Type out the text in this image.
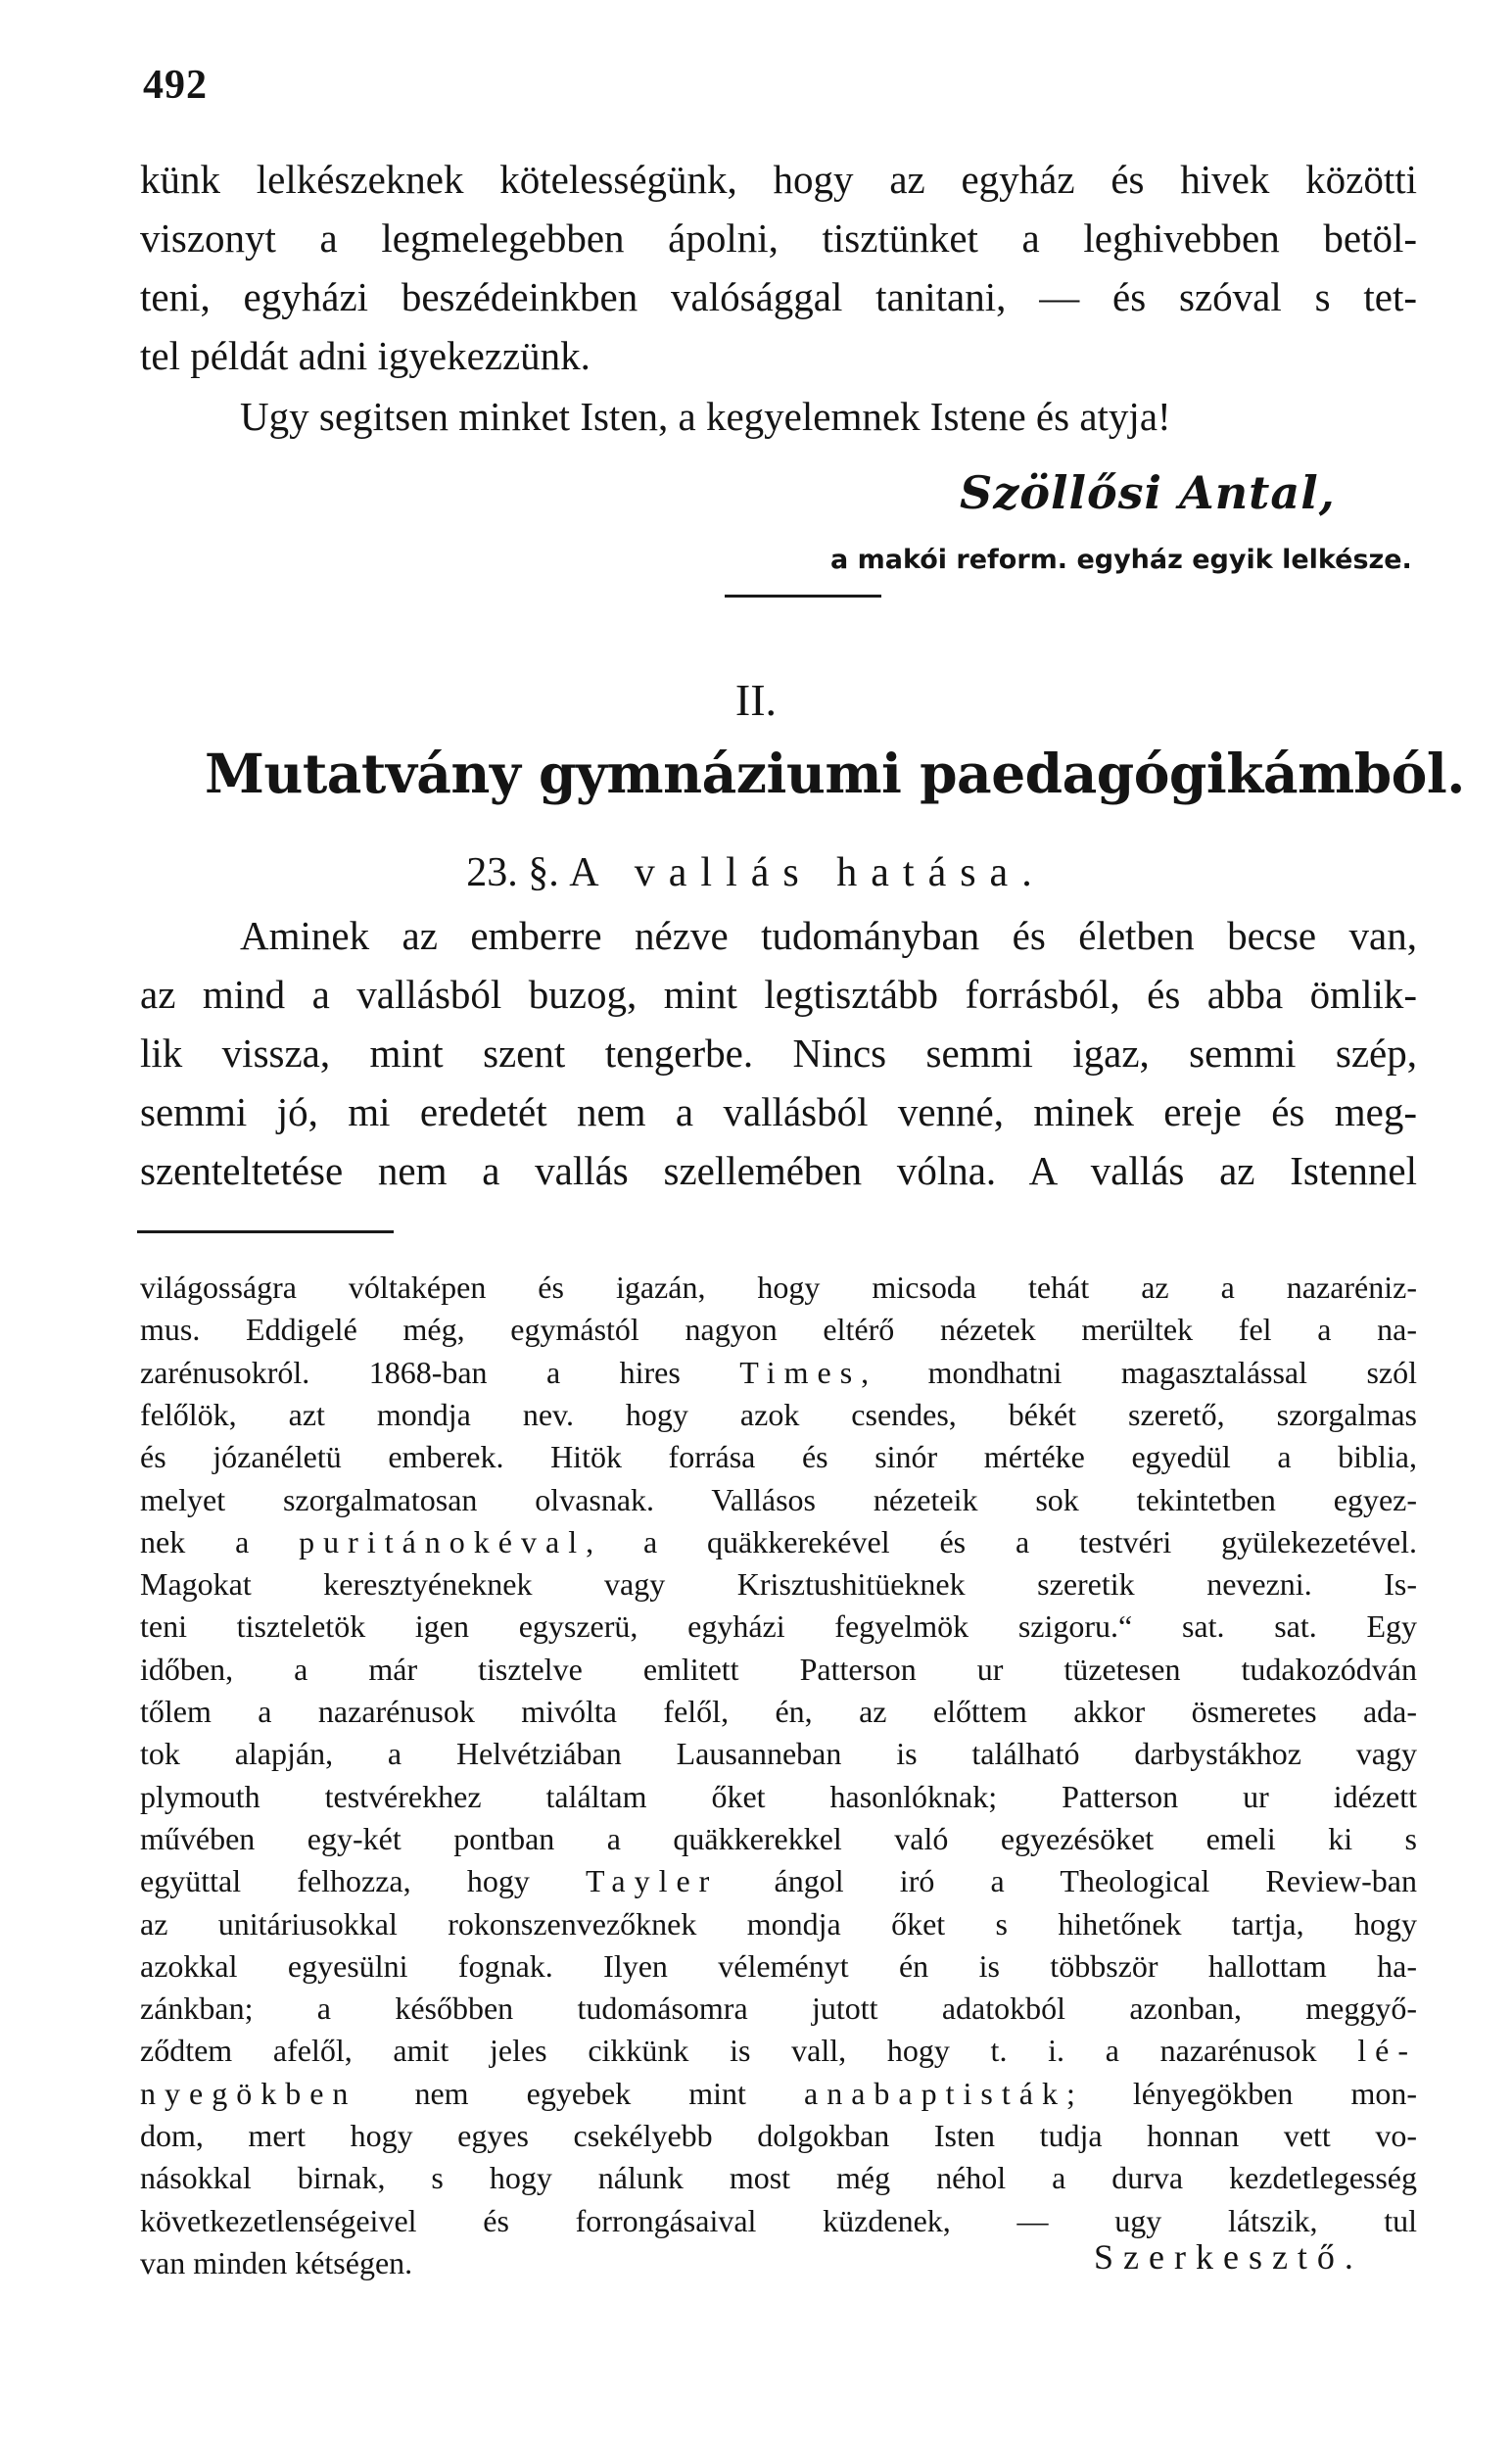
492
künk lelkészeknek kötelességünk, hogy az egyház és hivek közötti
viszonyt a legmelegebben ápolni, tisztünket a leghivebben betöl-
teni, egyházi beszédeinkben valósággal tanitani, — és szóval s tet-
tel példát adni igyekezzünk.
Ugy segitsen minket Isten, a kegyelemnek Istene és atyja!
Szöllősi Antal,
a makói reform. egyház egyik lelkésze.
II.
Mutatvány gymnáziumi paedagógikámból.
23. §. A vallás hatása.
Aminek az emberre nézve tudományban és életben becse van,
az mind a vallásból buzog, mint legtisztább forrásból, és abba ömlik-
lik vissza, mint szent tengerbe. Nincs semmi igaz, semmi szép,
semmi jó, mi eredetét nem a vallásból venné, minek ereje és meg-
szenteltetése nem a vallás szellemében vólna. A vallás az Istennel
világosságra vóltaképen és igazán, hogy micsoda tehát az a nazaréniz-
mus. Eddigelé még, egymástól nagyon eltérő nézetek merültek fel a na-
zarénusokról. 1868-ban a hires Times, mondhatni magasztalással szól
felőlök, azt mondja nev. hogy azok csendes, békét szerető, szorgalmas
és józanéletü emberek. Hitök forrása és sinór mértéke egyedül a biblia,
melyet szorgalmatosan olvasnak. Vallásos nézeteik sok tekintetben egyez-
nek a puritánokéval, a quäkkerekével és a testvéri gyülekezetével.
Magokat keresztyéneknek vagy Krisztushitüeknek szeretik nevezni. Is-
teni tiszteletök igen egyszerü, egyházi fegyelmök szigoru.“ sat. sat. Egy
időben, a már tisztelve emlitett Patterson ur tüzetesen tudakozódván
tőlem a nazarénusok mivólta felől, én, az előttem akkor ösmeretes ada-
tok alapján, a Helvétziában Lausanneban is található darbystákhoz vagy
plymouth testvérekhez találtam őket hasonlóknak; Patterson ur idézett
művében egy-két pontban a quäkkerekkel való egyezésöket emeli ki s
együttal felhozza, hogy Tayler ángol iró a Theological Review-ban
az unitáriusokkal rokonszenvezőknek mondja őket s hihetőnek tartja, hogy
azokkal egyesülni fognak. Ilyen véleményt én is többször hallottam ha-
zánkban; a későbben tudomásomra jutott adatokból azonban, meggyő-
ződtem afelől, amit jeles cikkünk is vall, hogy t. i. a nazarénusok lé-
nyegökben nem egyebek mint anabaptisták; lényegökben mon-
dom, mert hogy egyes csekélyebb dolgokban Isten tudja honnan vett vo-
násokkal birnak, s hogy nálunk most még néhol a durva kezdetlegesség
következetlenségeivel és forrongásaival küzdenek, — ugy látszik, tul
van minden kétségen.	Szerkesztő.
